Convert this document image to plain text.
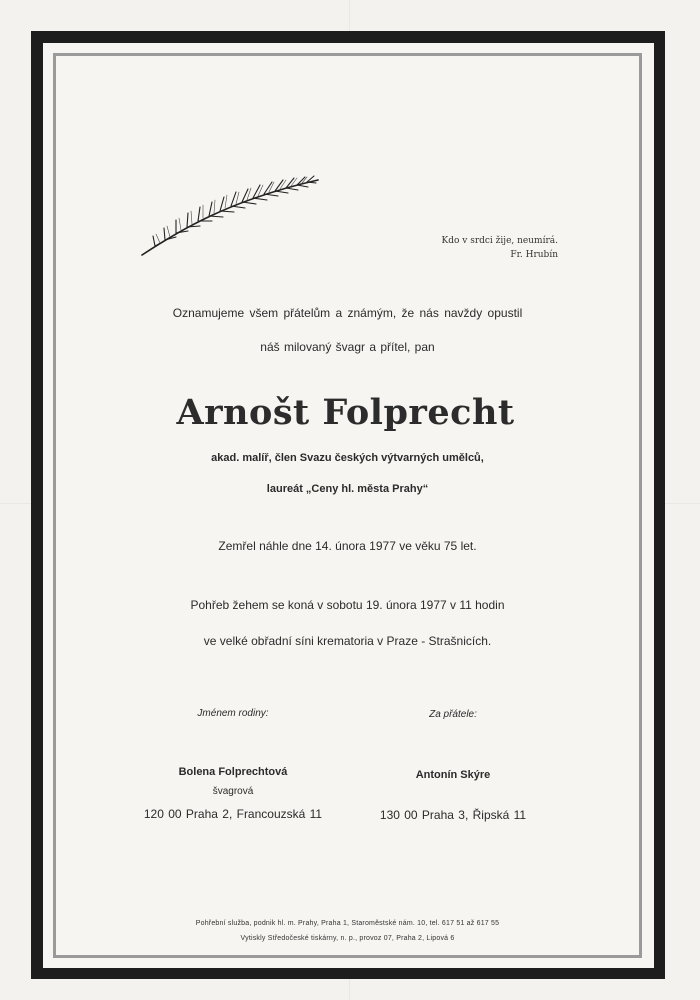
Kdo v srdci žije, neumírá.
Fr. Hrubín
Oznamujeme všem přátelům a známým, že nás navždy opustil
náš milovaný švagr a přítel, pan
Arnošt Folprecht
akad. malíř, člen Svazu českých výtvarných umělců,
laureát „Ceny hl. města Prahy“
Zemřel náhle dne 14. února 1977 ve věku 75 let.
Pohřeb žehem se koná v sobotu 19. února 1977 v 11 hodin
ve velké obřadní síni krematoria v Praze - Strašnicích.
Jménem rodiny:
Bolena Folprechtová
švagrová
120 00 Praha 2, Francouzská 11
Za přátele:
Antonín Skýre
130 00 Praha 3, Řipská 11
Pohřební služba, podnik hl. m. Prahy, Praha 1, Staroměstské nám. 10, tel. 617 51 až 617 55
Vytiskly Středočeské tiskárny, n. p., provoz 07, Praha 2, Lipová 6
